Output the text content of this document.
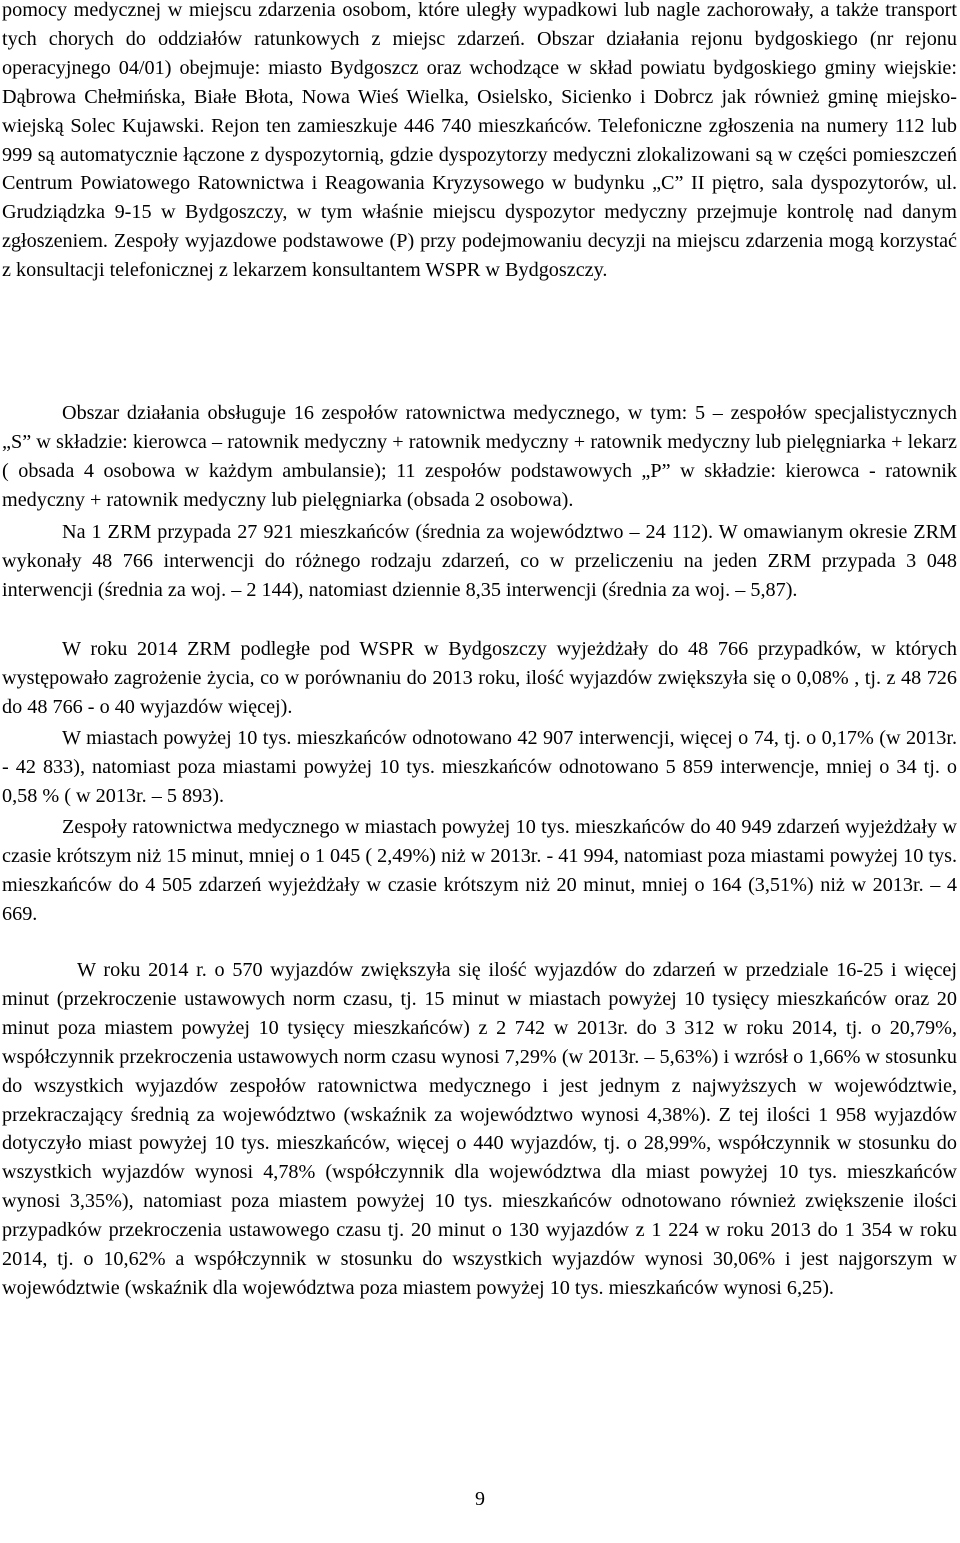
pomocy medycznej w miejscu zdarzenia osobom, które uległy wypadkowi lub nagle zachorowały, a także transport tych chorych do oddziałów ratunkowych z miejsc zdarzeń. Obszar działania rejonu bydgoskiego (nr rejonu operacyjnego 04/01) obejmuje: miasto Bydgoszcz oraz wchodzące w skład powiatu bydgoskiego gminy wiejskie: Dąbrowa Chełmińska, Białe Błota, Nowa Wieś Wielka, Osielsko, Sicienko i Dobrcz jak również gminę miejsko-wiejską Solec Kujawski. Rejon ten zamieszkuje 446 740 mieszkańców. Telefoniczne zgłoszenia na numery 112 lub 999 są automatycznie łączone z dyspozytornią, gdzie dyspozytorzy medyczni zlokalizowani są w części pomieszczeń Centrum Powiatowego Ratownictwa i Reagowania Kryzysowego w budynku „C” II piętro, sala dyspozytorów, ul. Grudziądzka 9-15 w Bydgoszczy, w tym właśnie miejscu dyspozytor medyczny przejmuje kontrolę nad danym zgłoszeniem. Zespoły wyjazdowe podstawowe (P) przy podejmowaniu decyzji na miejscu zdarzenia mogą korzystać z konsultacji telefonicznej z lekarzem konsultantem WSPR w Bydgoszczy.

Obszar działania obsługuje 16 zespołów ratownictwa medycznego, w tym: 5 – zespołów specjalistycznych „S” w składzie: kierowca – ratownik medyczny + ratownik medyczny + ratownik medyczny lub pielęgniarka + lekarz ( obsada 4 osobowa w każdym ambulansie); 11 zespołów podstawowych „P” w składzie: kierowca - ratownik medyczny + ratownik medyczny lub pielęgniarka (obsada 2 osobowa).

Na 1 ZRM przypada 27 921 mieszkańców (średnia za województwo – 24 112). W omawianym okresie ZRM wykonały 48 766 interwencji do różnego rodzaju zdarzeń, co w przeliczeniu na jeden ZRM przypada 3 048 interwencji (średnia za woj. – 2 144), natomiast dziennie 8,35 interwencji (średnia za woj. – 5,87).

W roku 2014 ZRM podległe pod WSPR w Bydgoszczy wyjeżdżały do 48 766 przypadków, w których występowało zagrożenie życia, co w porównaniu do 2013 roku, ilość wyjazdów zwiększyła się o 0,08% , tj. z 48 726 do 48 766 - o 40 wyjazdów więcej).

W miastach powyżej 10 tys. mieszkańców odnotowano 42 907 interwencji, więcej o 74, tj. o 0,17% (w 2013r. - 42 833), natomiast poza miastami powyżej 10 tys. mieszkańców odnotowano 5 859 interwencje, mniej o 34 tj. o 0,58 % ( w 2013r. – 5 893).

Zespoły ratownictwa medycznego w miastach powyżej 10 tys. mieszkańców do 40 949 zdarzeń wyjeżdżały w czasie krótszym niż 15 minut, mniej o 1 045 ( 2,49%) niż w 2013r. - 41 994, natomiast poza miastami powyżej 10 tys. mieszkańców do 4 505 zdarzeń wyjeżdżały w czasie krótszym niż 20 minut, mniej o 164 (3,51%) niż w 2013r. – 4 669.

W roku 2014 r. o 570 wyjazdów zwiększyła się ilość wyjazdów do zdarzeń w przedziale 16-25 i więcej minut (przekroczenie ustawowych norm czasu, tj. 15 minut w miastach powyżej 10 tysięcy mieszkańców oraz 20 minut poza miastem powyżej 10 tysięcy mieszkańców) z 2 742 w 2013r. do 3 312 w roku 2014, tj. o 20,79%, współczynnik przekroczenia ustawowych norm czasu wynosi 7,29% (w 2013r. – 5,63%) i wzrósł o 1,66% w stosunku do wszystkich wyjazdów zespołów ratownictwa medycznego i jest jednym z najwyższych w województwie, przekraczający średnią za województwo (wskaźnik za województwo wynosi 4,38%). Z tej ilości 1 958 wyjazdów dotyczyło miast powyżej 10 tys. mieszkańców, więcej o 440 wyjazdów, tj. o 28,99%, współczynnik w stosunku do wszystkich wyjazdów wynosi 4,78% (współczynnik dla województwa dla miast powyżej 10 tys. mieszkańców wynosi 3,35%), natomiast poza miastem powyżej 10 tys. mieszkańców odnotowano również zwiększenie ilości przypadków przekroczenia ustawowego czasu tj. 20 minut o 130 wyjazdów z 1 224 w roku 2013 do 1 354 w roku 2014, tj. o 10,62% a współczynnik w stosunku do wszystkich wyjazdów wynosi 30,06% i jest najgorszym w województwie (wskaźnik dla województwa poza miastem powyżej 10 tys. mieszkańców wynosi 6,25).

9
